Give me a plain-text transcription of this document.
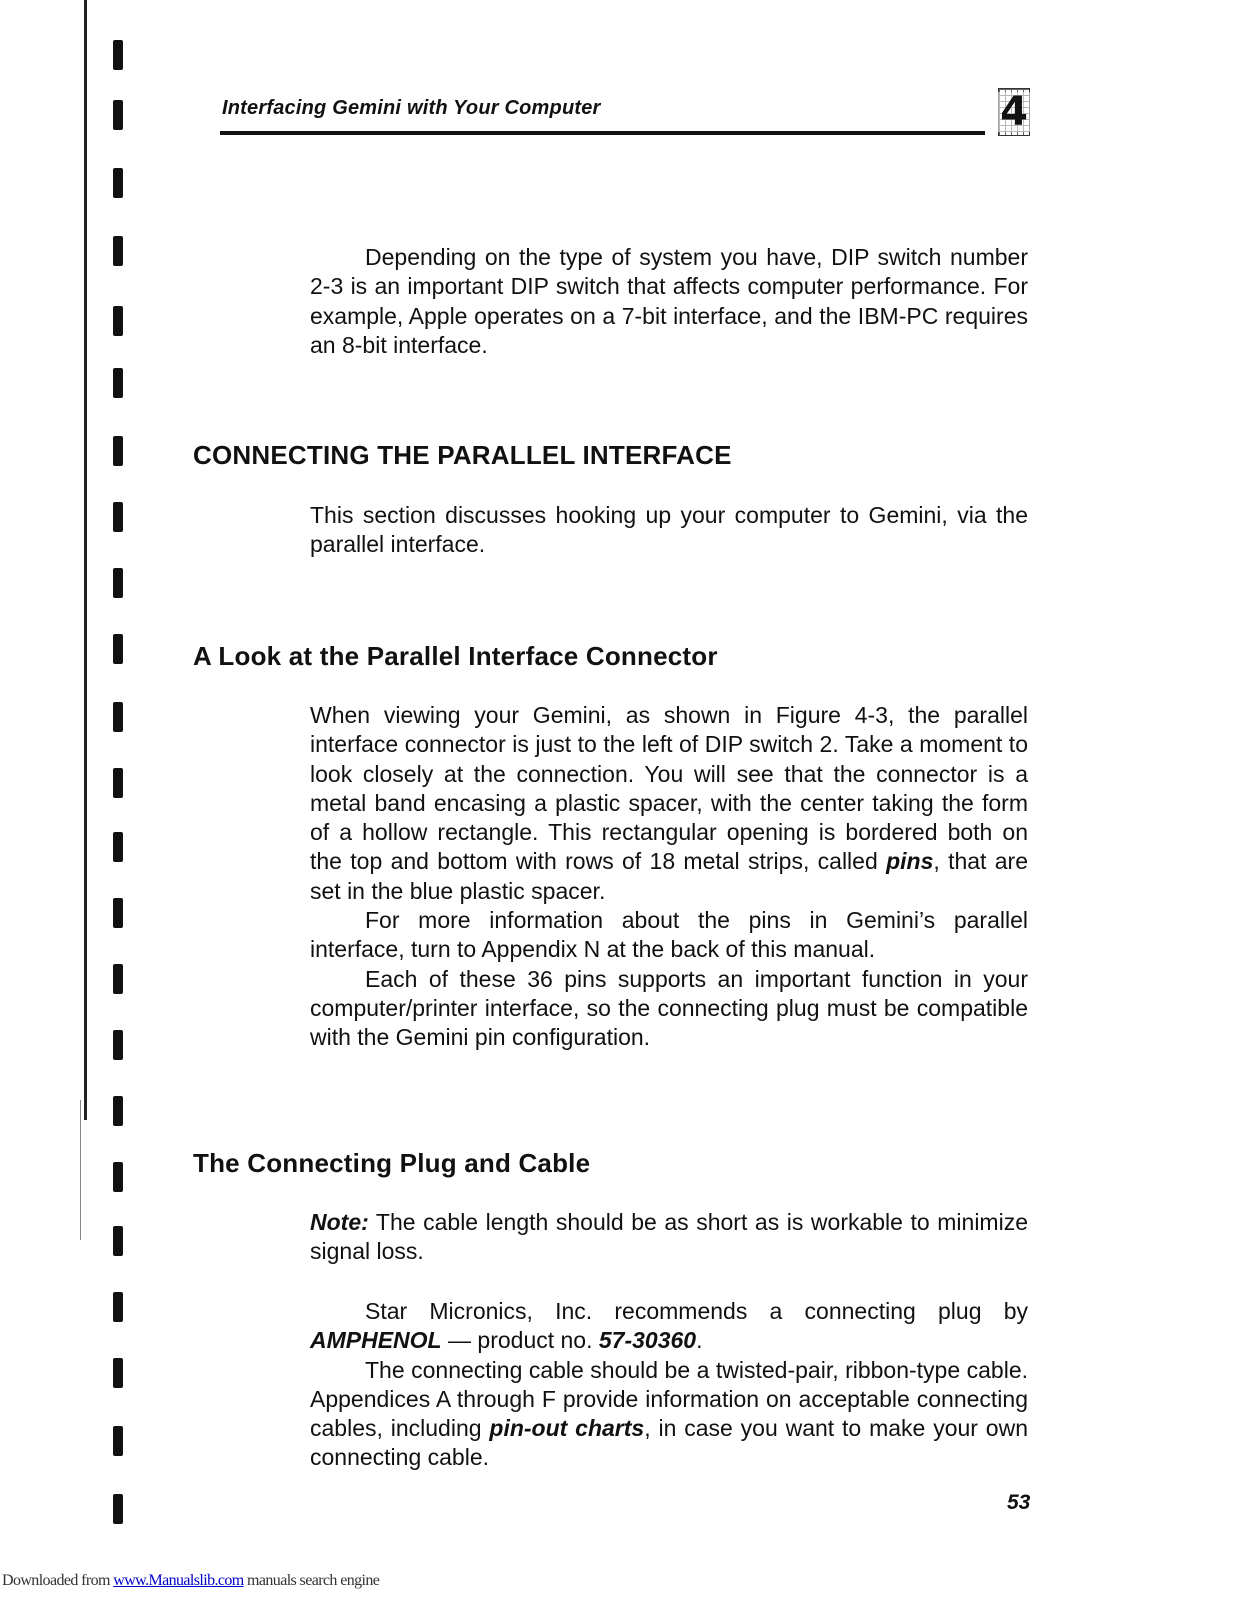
Interfacing Gemini with Your Computer	4
Depending on the type of system you have, DIP switch number 2-3 is an important DIP switch that affects computer performance. For example, Apple operates on a 7-bit interface, and the IBM-PC requires an 8-bit interface.
CONNECTING THE PARALLEL INTERFACE
This section discusses hooking up your computer to Gemini, via the parallel interface.
A Look at the Parallel Interface Connector

When viewing your Gemini, as shown in Figure 4-3, the parallel interface connector is just to the left of DIP switch 2. Take a moment to look closely at the connection. You will see that the connector is a metal band encasing a plastic spacer, with the center taking the form of a hollow rectangle. This rectangular opening is bordered both on the top and bottom with rows of 18 metal strips, called pins, that are set in the blue plastic spacer.

For more information about the pins in Gemini’s parallel interface, turn to Appendix N at the back of this manual.

Each of these 36 pins supports an important function in your computer/printer interface, so the connecting plug must be compatible with the Gemini pin configuration.

The Connecting Plug and Cable
Note: The cable length should be as short as is workable to minimize signal loss.

Star Micronics, Inc. recommends a connecting plug by AMPHENOL — product no. 57-30360.

The connecting cable should be a twisted-pair, ribbon-type cable. Appendices A through F provide information on acceptable connecting cables, including pin-out charts, in case you want to make your own connecting cable.

53
Downloaded from www.Manualslib.com manuals search engine
